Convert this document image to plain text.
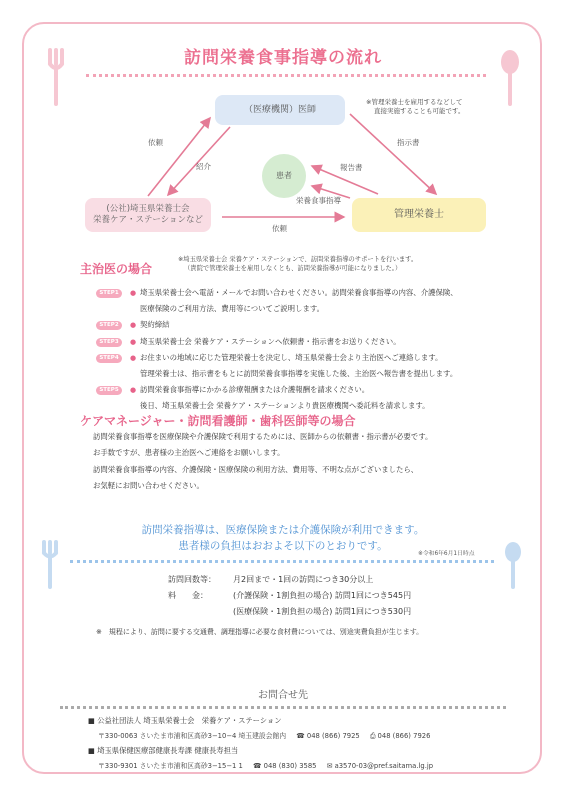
訪問栄養食事指導の流れ
（医療機関）医師
患者
(公社)埼玉県栄養士会
栄養ケア・ステーションなど	管理栄養士
依頼
紹介
指示書
報告書
栄養食事指導
依頼
※管理栄養士を雇用するなどして
直接実施することも可能です。
主治医の場合
※埼玉県栄養士会 栄養ケア・ステーションで、訪問栄養指導のサポートを行います。
（貴院で管理栄養士を雇用しなくとも、訪問栄養指導が可能になりました。）
STEP1	● 埼玉県栄養士会へ電話・メールでお問い合わせください。訪問栄養食事指導の内容、介護保険、
医療保険のご利用方法、費用等についてご説明します。
STEP2	● 契約締結
STEP3	● 埼玉県栄養士会 栄養ケア・ステーションへ依頼書・指示書をお送りください。
STEP4	● お住まいの地域に応じた管理栄養士を決定し、埼玉県栄養士会より主治医へご連絡します。
管理栄養士は、指示書をもとに訪問栄養食事指導を実施した後、主治医へ報告書を提出します。
STEP5	● 訪問栄養食事指導にかかる診療報酬または介護報酬を請求ください。
後日、埼玉県栄養士会 栄養ケア・ステーションより貴医療機関へ委託料を請求します。
ケアマネージャー・訪問看護師・歯科医師等の場合
訪問栄養食事指導を医療保険や介護保険で利用するためには、医師からの依頼書・指示書が必要です。
お手数ですが、患者様の主治医へご連絡をお願いします。
訪問栄養食事指導の内容、介護保険・医療保険の利用方法、費用等、不明な点がございましたら、
お気軽にお問い合わせください。
訪問栄養指導は、医療保険または介護保険が利用できます。
患者様の負担はおおよそ以下のとおりです。
※令和6年6月1日時点
訪問回数等： 月2回まで・1回の訪問につき30分以上
料　　金：	(介護保険・1割負担の場合) 訪問1回につき545円
(医療保険・1割負担の場合) 訪問1回につき530円
※　規程により、訪問に要する交通費、調理指導に必要な食材費については、別途実費負担が生じます。
お問合せ先
■ 公益社団法人 埼玉県栄養士会　栄養ケア・ステーション
〒330-0063 さいたま市浦和区高砂3−10−4 埼玉建設会館内 ☎ 048 (866) 7925 ⎙ 048 (866) 7926
■ 埼玉県保健医療部健康長寿課 健康長寿担当
〒330-9301 さいたま市浦和区高砂3−15−1 1 ☎ 048 (830) 3585 ✉ a3570-03@pref.saitama.lg.jp
